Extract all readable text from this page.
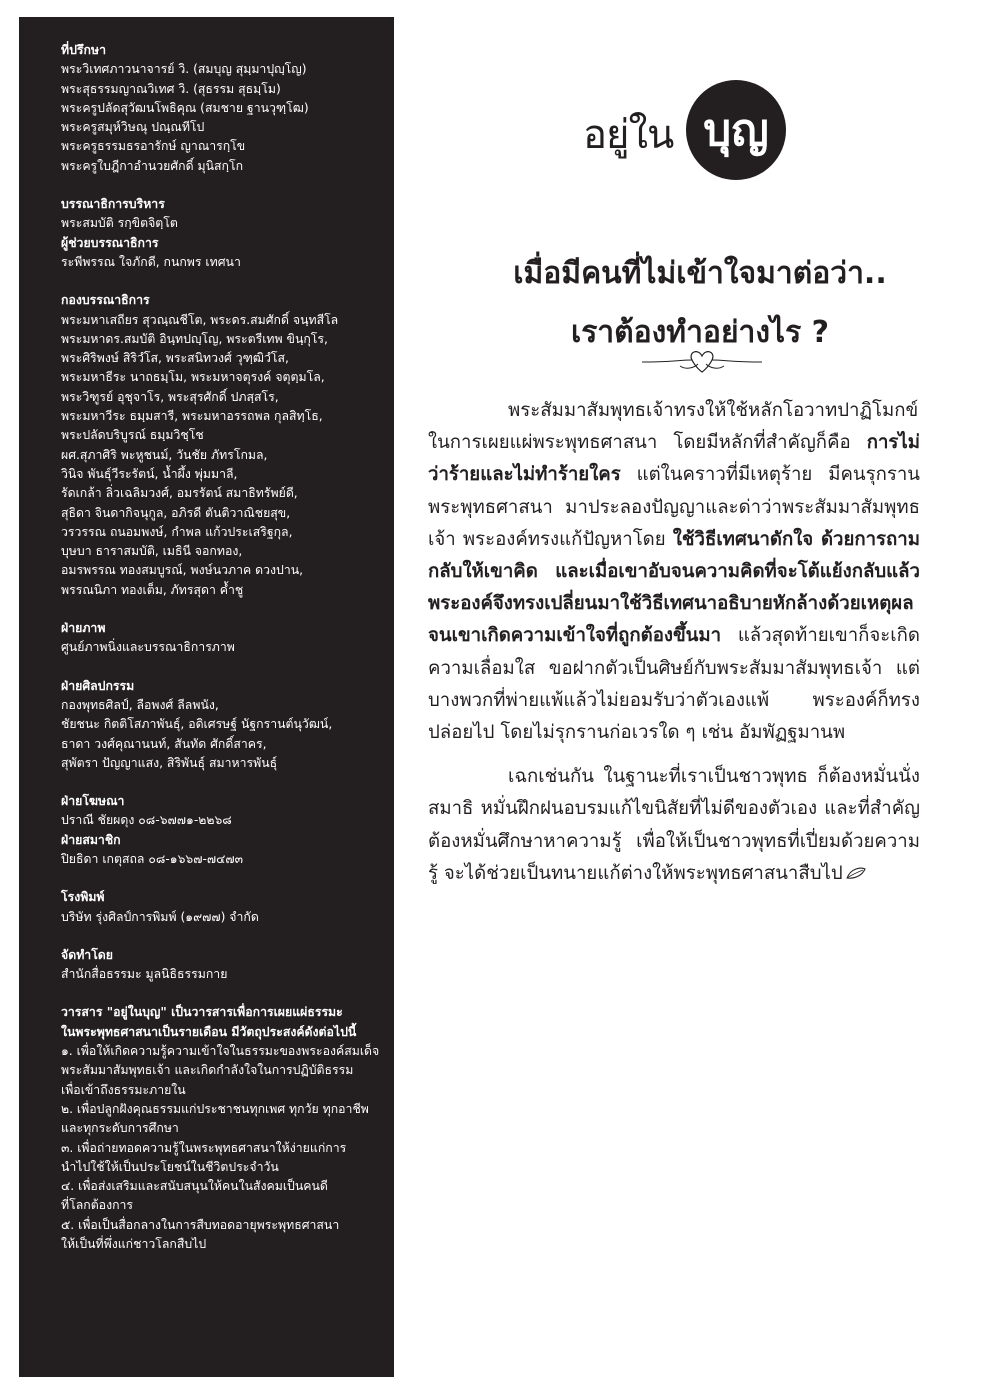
ที่ปรึกษา
พระวิเทศภาวนาจารย์ วิ. (สมบุญ สุมฺมาปุญฺโญ)
พระสุธรรมญาณวิเทศ วิ. (สุธรรม สุธมฺโม)
พระครูปลัดสุวัฒนโพธิคุณ (สมชาย ฐานวุฑฺโฒ)
พระครูสมุห์วิษณุ ปณฺณทีโป
พระครูธรรมธรอารักษ์ ญาณารกฺโข
พระครูใบฎีกาอำนวยศักดิ์ มุนิสกฺโก
บรรณาธิการบริหาร
พระสมบัติ รกฺขิตจิตฺโต
ผู้ช่วยบรรณาธิการ
ระพีพรรณ ใจภักดี, กนกพร เทศนา
กองบรรณาธิการ
พระมหาเสถียร สุวณฺณชีโต, พระดร.สมศักดิ์ จนฺทสีโล
พระมหาดร.สมบัติ อินฺทปญฺโญ, พระตรีเทพ ขินฺกุโร,
พระศิริพงษ์ สิริวํโส, พระสนิทวงศ์ วุฑฺฒิวํโส,
พระมหาธีระ นาถธมฺโม, พระมหาจตุรงค์ จตุตฺมโล,
พระวิฑูรย์ อุชุจาโร, พระสุรศักดิ์ ปภสฺสโร,
พระมหาวีระ ธมฺมสารี, พระมหาอรรถพล กุลสิทฺโธ,
พระปลัดบริบูรณ์ ธมฺมวิชฺโช
ผศ.สุภาศิริ พะหูชนม์, วันชัย ภัทรโกมล,
วินิจ พันธุ์วีระรัตน์, น้ำผึ้ง พุ่มมาลี,
รัดเกล้า ลิ่วเฉลิมวงศ์, อมรรัตน์ สมาธิทรัพย์ดี,
สุธิดา จินดากิจนุกูล, อภิรดี ตันติวาณิชยสุข,
วรวรรณ ถนอมพงษ์, กำพล แก้วประเสริฐกุล,
บุษบา ธาราสมบัติ, เมธินี จอกทอง,
อมรพรรณ ทองสมบูรณ์, พงษ์นวภาค ดวงปาน,
พรรณนิภา ทองเต็ม, ภัทรสุดา ค้ำชู
ฝ่ายภาพ
ศูนย์ภาพนิ่งและบรรณาธิการภาพ
ฝ่ายศิลปกรรม
กองพุทธศิลป์, ลือพงศ์ ลีลพนัง,
ชัยชนะ กิตติโสภาพันธุ์, อดิเศรษฐ์ นัฐกรานต์นุวัฒน์,
ธาดา วงศ์คุณานนท์, สันทัด ศักดิ์สาคร,
สุพัตรา ปัญญาแสง, สิริพันธุ์ สมาหารพันธุ์
ฝ่ายโฆษณา
ปราณี ชัยผดุง ๐๘-๖๗๗๑-๒๒๖๘
ฝ่ายสมาชิก
ปิยธิดา เกตุสถล ๐๘-๑๖๖๗-๗๔๗๓
โรงพิมพ์
บริษัท รุ่งศิลป์การพิมพ์ (๑๙๗๗) จำกัด
จัดทำโดย
สำนักสื่อธรรมะ มูลนิธิธรรมกาย
วารสาร "อยู่ในบุญ" เป็นวารสารเพื่อการเผยแผ่ธรรมะ
ในพระพุทธศาสนาเป็นรายเดือน มีวัตถุประสงค์ดังต่อไปนี้
๑. เพื่อให้เกิดความรู้ความเข้าใจในธรรมะของพระองค์สมเด็จ
พระสัมมาสัมพุทธเจ้า และเกิดกำลังใจในการปฏิบัติธรรม
เพื่อเข้าถึงธรรมะภายใน
๒. เพื่อปลูกฝังคุณธรรมแก่ประชาชนทุกเพศ ทุกวัย ทุกอาชีพ
และทุกระดับการศึกษา
๓. เพื่อถ่ายทอดความรู้ในพระพุทธศาสนาให้ง่ายแก่การ
นำไปใช้ให้เป็นประโยชน์ในชีวิตประจำวัน
๔. เพื่อส่งเสริมและสนับสนุนให้คนในสังคมเป็นคนดี
ที่โลกต้องการ
๕. เพื่อเป็นสื่อกลางในการสืบทอดอายุพระพุทธศาสนา
ให้เป็นที่พึ่งแก่ชาวโลกสืบไป
อยู่ใน บุญ
เมื่อมีคนที่ไม่เข้าใจมาต่อว่า..
เราต้องทำอย่างไร ?

พระสัมมาสัมพุทธเจ้าทรงให้ใช้หลักโอวาทปาฏิโมกข์ ในการเผยแผ่พระพุทธศาสนา โดยมีหลักที่สำคัญก็คือ การไม่ว่าร้ายและไม่ทำร้ายใคร แต่ในคราวที่มีเหตุร้าย มีคนรุกรานพระพุทธศาสนา มาประลองปัญญาและด่าว่าพระสัมมาสัมพุทธเจ้า พระองค์ทรงแก้ปัญหาโดย ใช้วิธีเทศนาดักใจ ด้วยการถามกลับให้เขาคิด และเมื่อเขาอับจนความคิดที่จะโต้แย้งกลับแล้ว พระองค์จึงทรงเปลี่ยนมาใช้วิธีเทศนาอธิบายหักล้างด้วยเหตุผล จนเขาเกิดความเข้าใจที่ถูกต้องขึ้นมา แล้วสุดท้ายเขาก็จะเกิดความเลื่อมใส ขอฝากตัวเป็นศิษย์กับพระสัมมาสัมพุทธเจ้า แต่บางพวกที่พ่ายแพ้แล้วไม่ยอมรับว่าตัวเองแพ้ พระองค์ก็ทรงปล่อยไป โดยไม่รุกรานก่อเวรใด ๆ เช่น อัมพัฏฐมานพ

เฉกเช่นกัน ในฐานะที่เราเป็นชาวพุทธ ก็ต้องหมั่นนั่งสมาธิ หมั่นฝึกฝนอบรมแก้ไขนิสัยที่ไม่ดีของตัวเอง และที่สำคัญต้องหมั่นศึกษาหาความรู้ เพื่อให้เป็นชาวพุทธที่เปี่ยมด้วยความรู้ จะได้ช่วยเป็นทนายแก้ต่างให้พระพุทธศาสนาสืบไป
